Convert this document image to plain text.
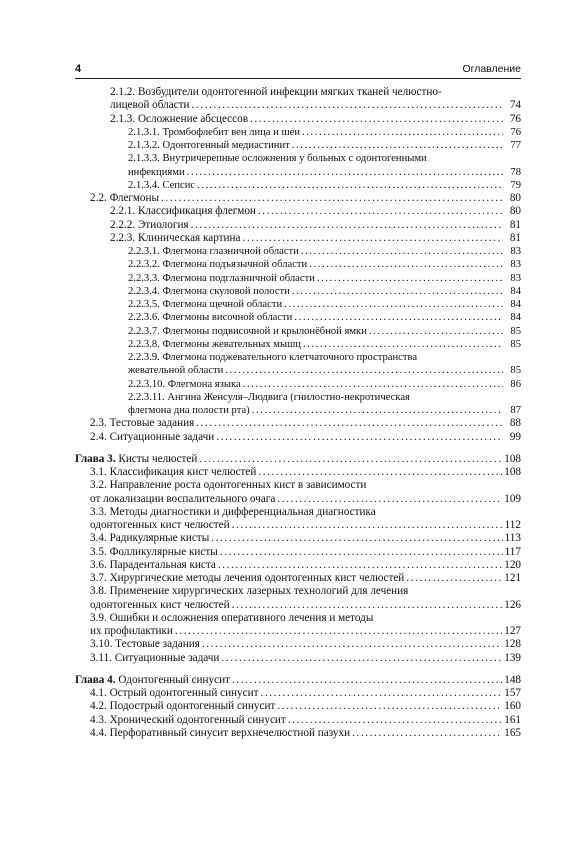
4	Оглавление
2.1.2. Возбудители одонтогенной инфекции мягких тканей челюстно-
лицевой области .....	74
2.1.3. Осложнение абсцессов .....	76
2.1.3.1. Тромбофлебит вен лица и шеи .....	76
2.1.3.2. Одонтогенный медиастинит .....	77
2.1.3.3. Внутричерепные осложнения у больных с одонтогенными
инфекциями .....	78
2.1.3.4. Сепсис .....	79
2.2. Флегмоны .....	80
2.2.1. Классификация флегмон .....	80
2.2.2. Этиология .....	81
2.2.3. Клиническая картина .....	81
2.2.3.1. Флегмона глазничной области .....	83
2.2.3.2. Флегмона подъязычной области .....	83
2.2.3.3. Флегмона подглазничной области .....	83
2.2.3.4. Флегмона скуловой полости .....	84
2.2.3.5. Флегмона щечной области .....	84
2.2.3.6. Флегмоны височной области .....	84
2.2.3.7. Флегмоны подвисочной и крылонёбной ямки .....	85
2.2.3.8. Флегмоны жевательных мышц .....	85
2.2.3.9. Флегмона поджевательного клетчаточного пространства
жевательной области .....	85
2.2.3.10. Флегмона языка .....	86
2.2.3.11. Ангина Женсуля–Людвига (гнилостно-некротическая
флегмона дна полости рта) .....	87
2.3. Тестовые задания .....	88
2.4. Ситуационные задачи .....	99
Глава 3. Кисты челюстей .....	108
3.1. Классификация кист челюстей .....	108
3.2. Направление роста одонтогенных кист в зависимости
от локализации воспалительного очага .....	109
3.3. Методы диагностики и дифференциальная диагностика
одонтогенных кист челюстей .....	112
3.4. Радикулярные кисты .....	113
3.5. Фолликулярные кисты .....	117
3.6. Парадентальная киста .....	120
3.7. Хирургические методы лечения одонтогенных кист челюстей .....	121
3.8. Применение хирургических лазерных технологий для лечения
одонтогенных кист челюстей .....	126
3.9. Ошибки и осложнения оперативного лечения и методы
их профилактики .....	127
3.10. Тестовые задания .....	128
3.11. Ситуационные задачи .....	139
Глава 4. Одонтогенный синусит .....	148
4.1. Острый одонтогенный синусит .....	157
4.2. Подострый одонтогенный синусит .....	160
4.3. Хронический одонтогенный синусит .....	161
4.4. Перфоративный синусит верхнечелюстной пазухи .....	165
